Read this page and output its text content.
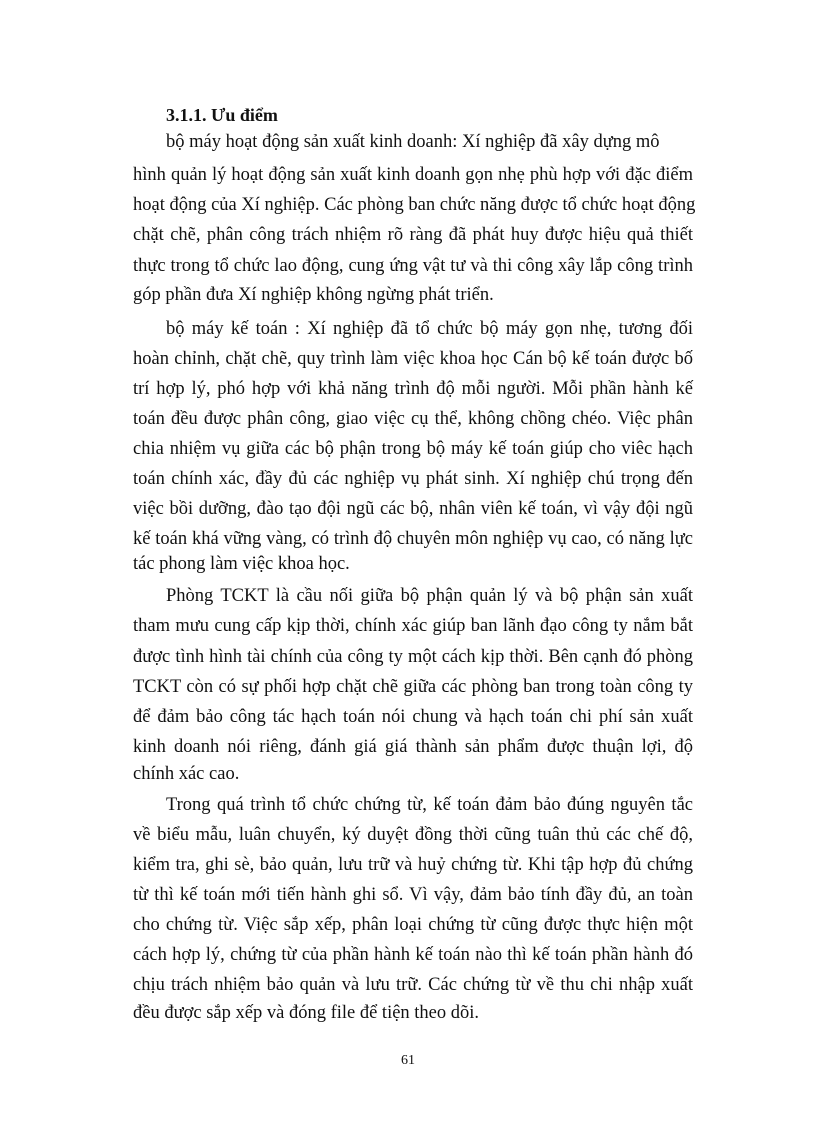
3.1.1. Ưu điểm
bộ máy hoạt động sản xuất kinh doanh: Xí nghiệp đã xây dựng mô
hình quản lý hoạt động sản xuất kinh doanh gọn nhẹ phù hợp với đặc điểm
hoạt động của Xí nghiệp. Các phòng ban chức năng được tổ chức hoạt động
chặt chẽ, phân công trách nhiệm rõ ràng đã phát huy được hiệu quả thiết
thực trong tổ chức lao động, cung ứng vật tư và thi công xây lắp công trình
góp phần đưa Xí nghiệp không ngừng phát triển.
bộ máy kế toán : Xí nghiệp đã tổ chức bộ máy gọn nhẹ, tương đối
hoàn chỉnh, chặt chẽ, quy trình làm việc khoa học Cán bộ kế toán được bố
trí hợp lý, phó hợp với khả năng trình độ mỗi người. Mỗi phần hành kế
toán đều được phân công, giao việc cụ thể, không chồng chéo. Việc phân
chia nhiệm vụ giữa các bộ phận trong bộ máy kế toán giúp cho viêc hạch
toán chính xác, đầy đủ các nghiệp vụ phát sinh. Xí nghiệp chú trọng đến
việc bồi dưỡng, đào tạo đội ngũ các bộ, nhân viên kế toán, vì vậy đội ngũ
kế toán khá vững vàng, có trình độ chuyên môn nghiệp vụ cao, có năng lực
tác phong làm việc khoa học.
Phòng TCKT là cầu nối giữa bộ phận quản lý và bộ phận sản xuất
tham mưu cung cấp kịp thời, chính xác giúp ban lãnh đạo công ty nắm bắt
được tình hình tài chính của công ty một cách kịp thời. Bên cạnh đó phòng
TCKT còn có sự phối hợp chặt chẽ giữa các phòng ban trong toàn công ty
để đảm bảo công tác hạch toán nói chung và hạch toán chi phí sản xuất
kinh doanh nói riêng, đánh giá giá thành sản phẩm được thuận lợi, độ
chính xác cao.
Trong quá trình tổ chức chứng từ, kế toán đảm bảo đúng nguyên tắc
về biểu mẫu, luân chuyển, ký duyệt đồng thời cũng tuân thủ các chế độ,
kiểm tra, ghi sè, bảo quản, lưu trữ và huỷ chứng từ. Khi tập hợp đủ chứng
từ thì kế toán mới tiến hành ghi sổ. Vì vậy, đảm bảo tính đầy đủ, an toàn
cho chứng từ. Việc sắp xếp, phân loại chứng từ cũng được thực hiện một
cách hợp lý, chứng từ của phần hành kế toán nào thì kế toán phần hành đó
chịu trách nhiệm bảo quản và lưu trữ. Các chứng từ về thu chi nhập xuất
đều được sắp xếp và đóng file để tiện theo dõi.
61
